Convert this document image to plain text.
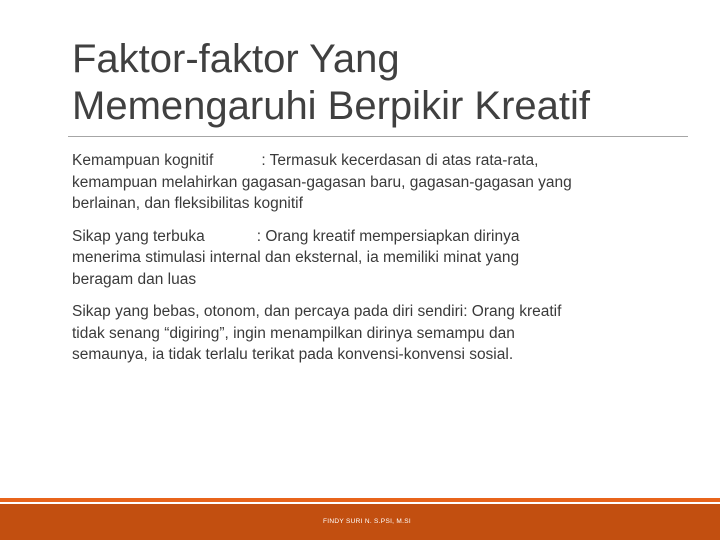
Faktor-faktor Yang
Memengaruhi Berpikir Kreatif

Kemampuan kognitif	: Termasuk kecerdasan di atas rata-rata,
kemampuan melahirkan gagasan-gagasan baru, gagasan-gagasan yang
berlainan, dan fleksibilitas kognitif

Sikap yang terbuka	: Orang kreatif mempersiapkan dirinya
menerima stimulasi internal dan eksternal, ia memiliki minat yang
beragam dan luas

Sikap yang bebas, otonom, dan percaya pada diri sendiri: Orang kreatif
tidak senang “digiring”, ingin menampilkan dirinya semampu dan
semaunya, ia tidak terlalu terikat pada konvensi-konvensi sosial.

FINDY SURI N. S.PSI, M.SI
